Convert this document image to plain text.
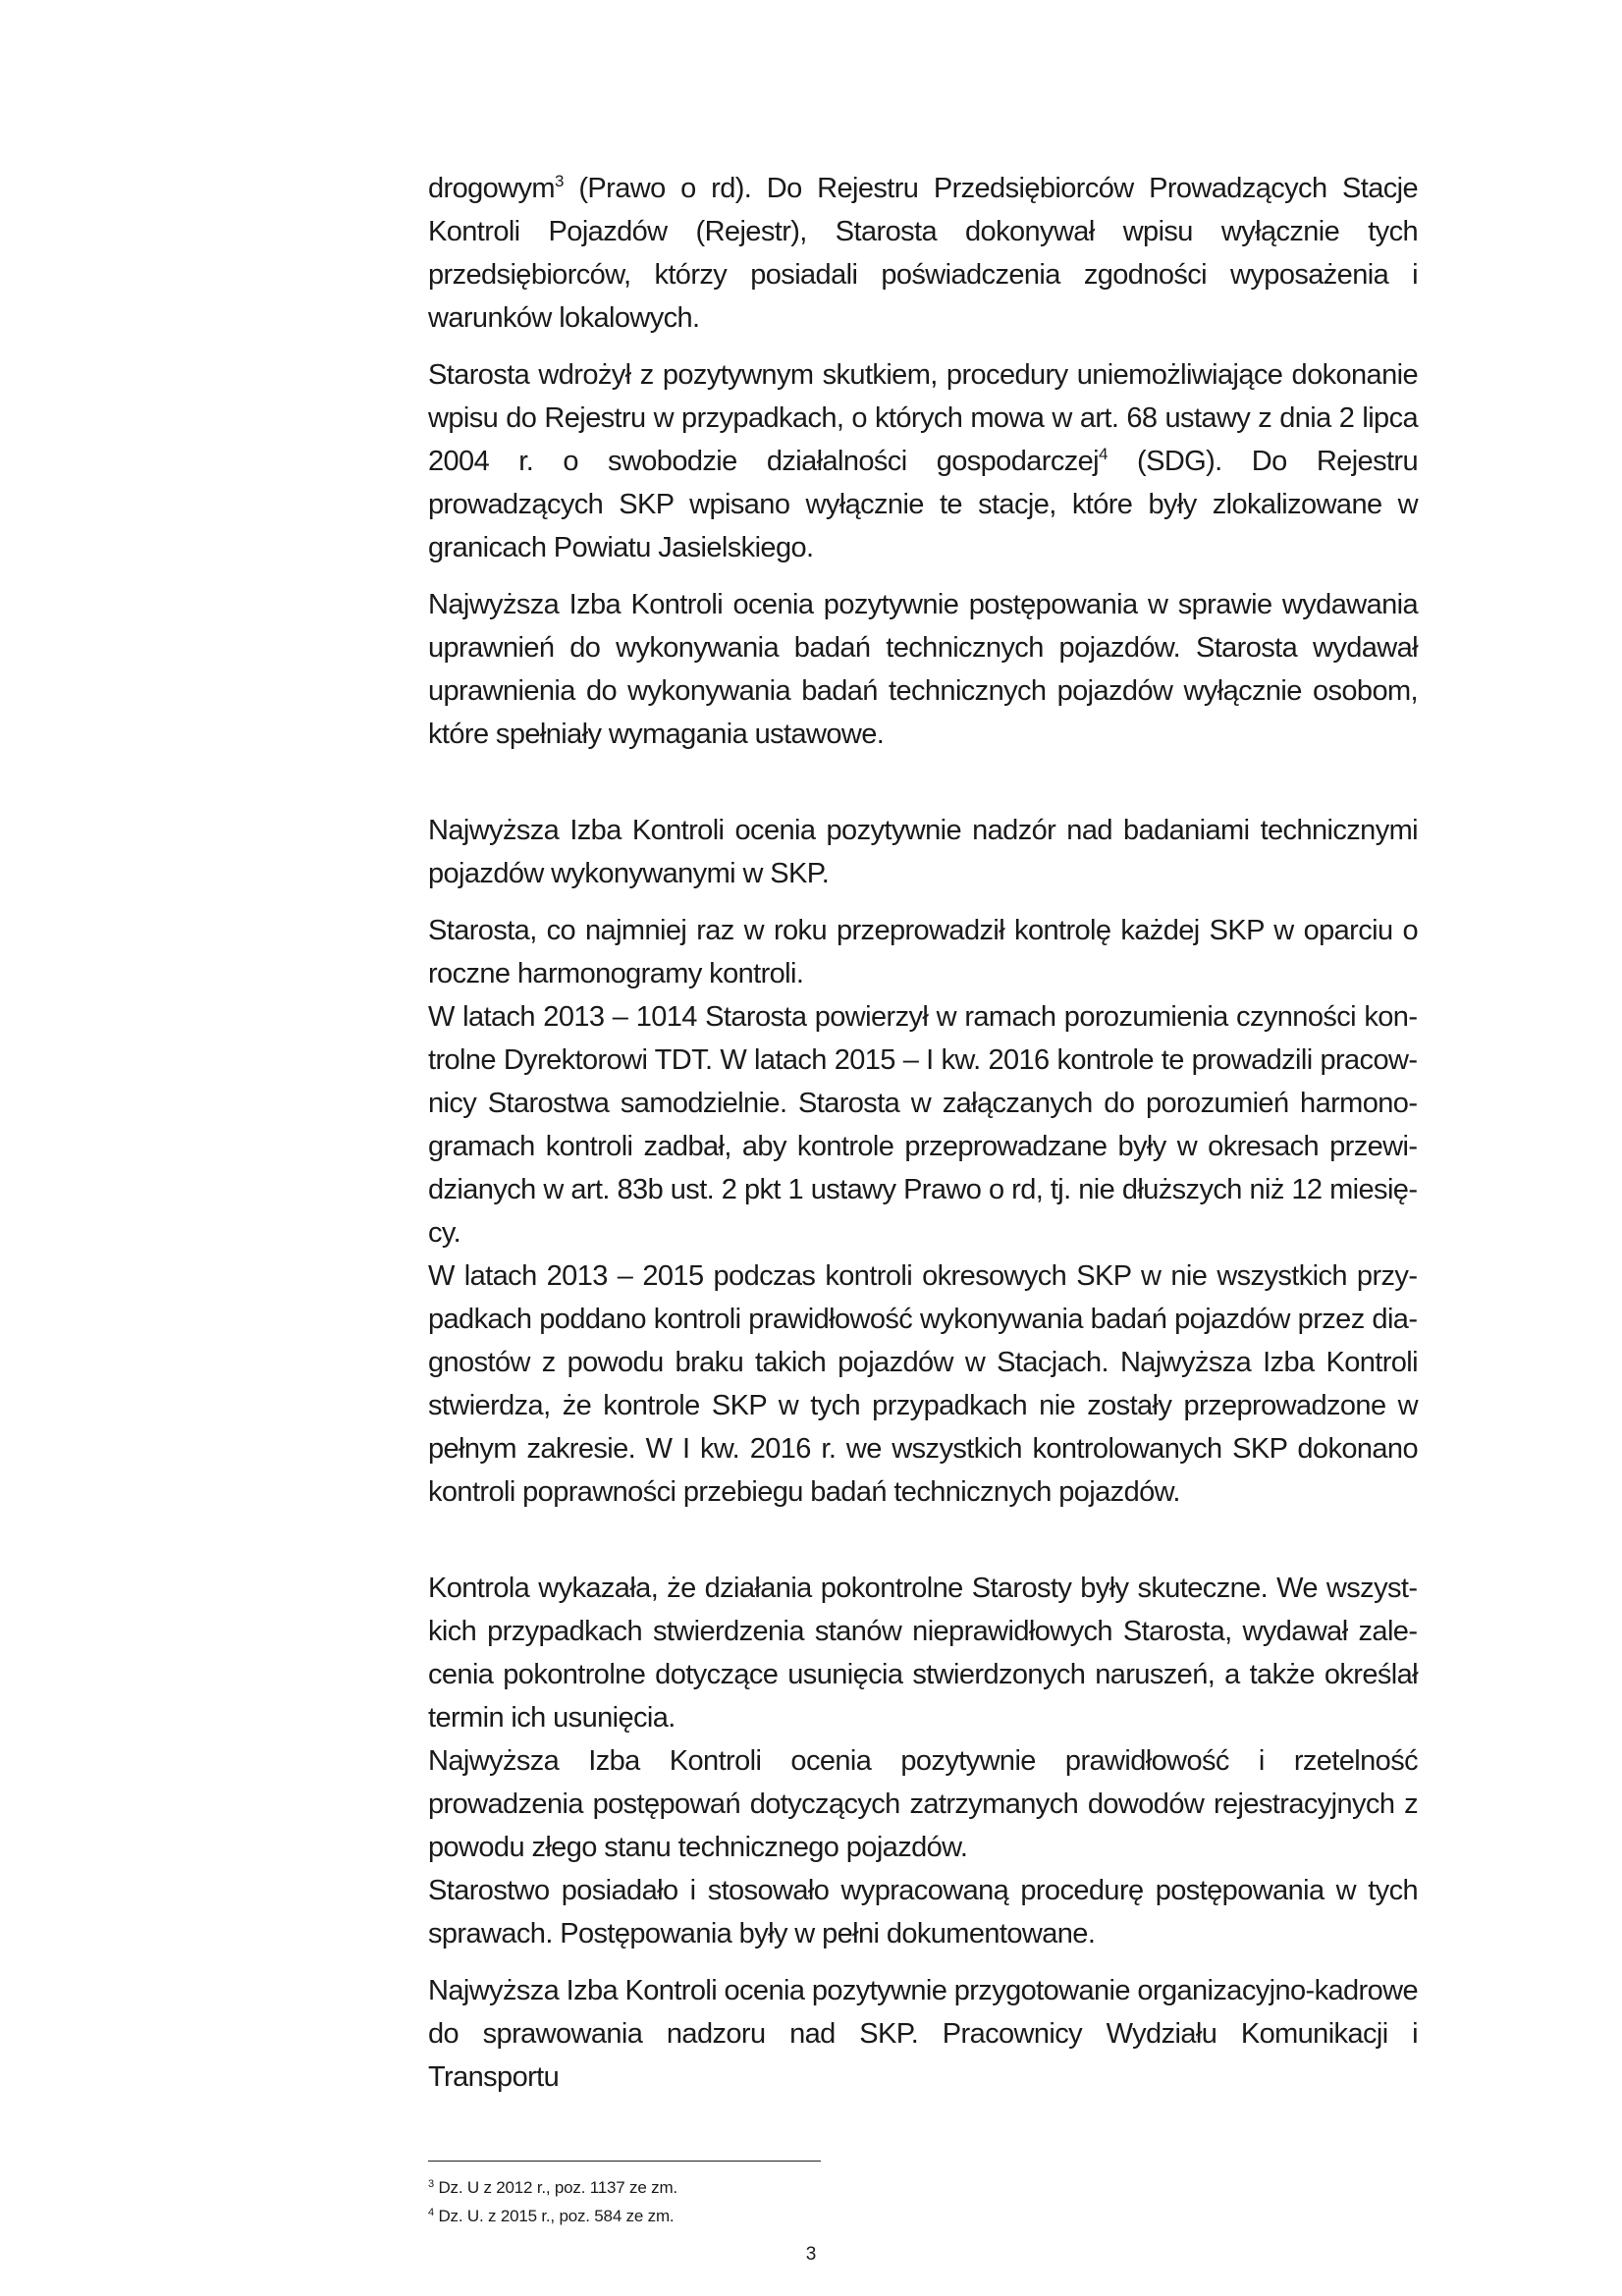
drogowym$^3$ (Prawo o rd). Do Rejestru Przedsiębiorców Prowadzących Stacje Kontroli Pojazdów (Rejestr), Starosta dokonywał wpisu wyłącznie tych przedsiębiorców, którzy posiadali poświadczenia zgodności wyposażenia i warunków lokalowych.

Starosta wdrożył z pozytywnym skutkiem, procedury uniemożliwiające dokonanie wpisu do Rejestru w przypadkach, o których mowa w art. 68 ustawy z dnia 2 lipca 2004 r. o swobodzie działalności gospodarczej$^4$ (SDG). Do Rejestru prowadzących SKP wpisano wyłącznie te stacje, które były zlokalizowane w granicach Powiatu Jasielskiego.

Najwyższa Izba Kontroli ocenia pozytywnie postępowania w sprawie wydawania uprawnień do wykonywania badań technicznych pojazdów. Starosta wydawał uprawnienia do wykonywania badań technicznych pojazdów wyłącznie osobom, które spełniały wymagania ustawowe.

Najwyższa Izba Kontroli ocenia pozytywnie nadzór nad badaniami technicznymi pojazdów wykonywanymi w SKP.

Starosta, co najmniej raz w roku przeprowadził kontrolę każdej SKP w oparciu o roczne harmonogramy kontroli.

W latach 2013 – 1014 Starosta powierzył w ramach porozumienia czynności kontrolne Dyrektorowi TDT. W latach 2015 – I kw. 2016 kontrole te prowadzili pracownicy Starostwa samodzielnie. Starosta w załączanych do porozumień harmonogramach kontroli zadbał, aby kontrole przeprowadzane były w okresach przewidzianych w art. 83b ust. 2 pkt 1 ustawy Prawo o rd, tj. nie dłuższych niż 12 miesięcy.

W latach 2013 – 2015 podczas kontroli okresowych SKP w nie wszystkich przypadkach poddano kontroli prawidłowość wykonywania badań pojazdów przez diagnostów z powodu braku takich pojazdów w Stacjach. Najwyższa Izba Kontroli stwierdza, że kontrole SKP w tych przypadkach nie zostały przeprowadzone w pełnym zakresie. W I kw. 2016 r. we wszystkich kontrolowanych SKP dokonano kontroli poprawności przebiegu badań technicznych pojazdów.

Kontrola wykazała, że działania pokontrolne Starosty były skuteczne. We wszystkich przypadkach stwierdzenia stanów nieprawidłowych Starosta, wydawał zalecenia pokontrolne dotyczące usunięcia stwierdzonych naruszeń, a także określał termin ich usunięcia.

Najwyższa Izba Kontroli ocenia pozytywnie prawidłowość i rzetelność prowadzenia postępowań dotyczących zatrzymanych dowodów rejestracyjnych z powodu złego stanu technicznego pojazdów.

Starostwo posiadało i stosowało wypracowaną procedurę postępowania w tych sprawach. Postępowania były w pełni dokumentowane.

Najwyższa Izba Kontroli ocenia pozytywnie przygotowanie organizacyjno-kadrowe do sprawowania nadzoru nad SKP. Pracownicy Wydziału Komunikacji i Transportu

$^3$ Dz. U z 2012 r., poz. 1137 ze zm.

$^4$ Dz. U. z 2015 r., poz. 584 ze zm.

3
